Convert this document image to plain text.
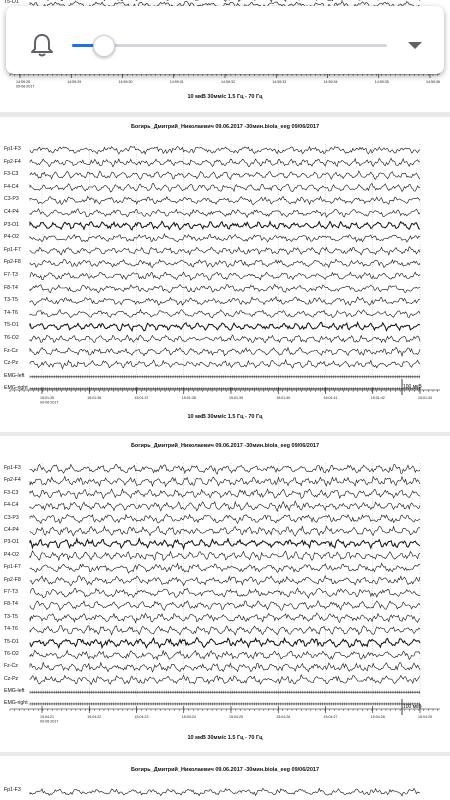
14:59:28
09-06-2017
14:59:29	14:59:30	14:59:31	14:59:32	14:59:33	14:59:34	14:59:35	14:59:36
T5-O1
10 мкВ 30мм/с 1.5 Гц - 70 Гц
Богирь_Дмитрий_Николаевич 09.06.2017 -30мин.biola_eeg 09/06/2017
15:01:35
09-06-2017
15:01:36	15:01:37	15:01:38	15:01:39	15:01:40	15:01:41	15:01:42	15:01:43
Fp1-F3
Fp2-F4
F3-C3
F4-C4
C3-P3
C4-P4
P3-O1
P4-O2
Fp1-F7
Fp2-F8
F7-T3
F8-T4
T3-T5
T4-T6
T5-O1
T6-O2
Fz-Cz
Cz-Pz
EMG-left
EMG-right	100 мкВ
10 мкВ 30мм/с 1.5 Гц - 70 Гц
Богирь_Дмитрий_Николаевич 09.06.2017 -30мин.biola_eeg 09/06/2017
15:04:21
09-06-2017
15:04:22	15:04:23	15:04:24	15:04:25	15:04:26	15:04:27	15:04:28	15:04:29
Fp1-F3
Fp2-F4
F3-C3
F4-C4
C3-P3
C4-P4
P3-O1
P4-O2
Fp1-F7
Fp2-F8
F7-T3
F8-T4
T3-T5
T4-T6
T5-O1
T6-O2
Fz-Cz
Cz-Pz
EMG-left
EMG-right
100 мкВ
10 мкВ 30мм/с 1.5 Гц - 70 Гц
Богирь_Дмитрий_Николаевич 09.06.2017 -30мин.biola_eeg 09/06/2017
Fp1-F3
